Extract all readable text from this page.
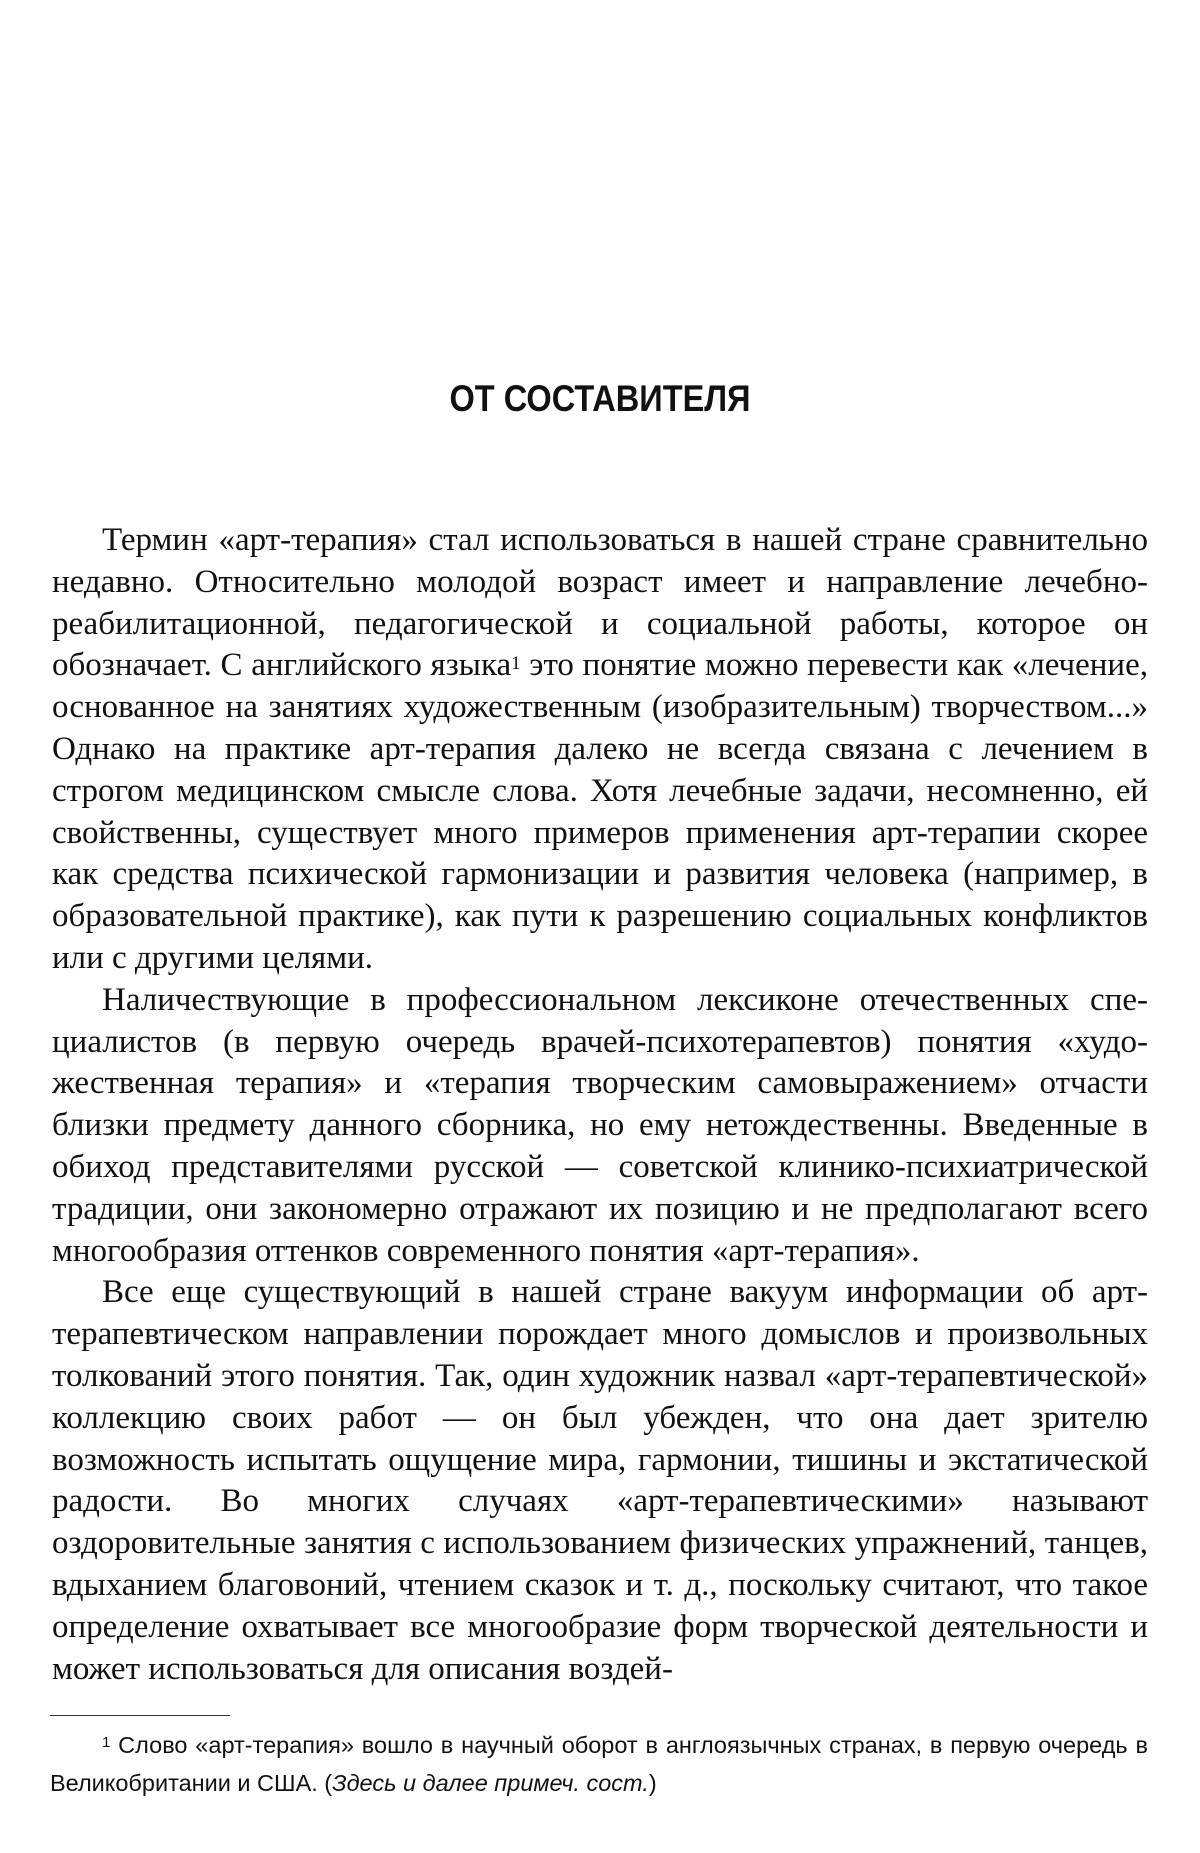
ОТ СОСТАВИТЕЛЯ

Термин «арт-терапия» стал использоваться в нашей стране сравнительно недавно. Относительно молодой возраст имеет и направление лечебно-реабилитационной, педагогической и социальной работы, которое он обозначает. С английского языка$^1$ это понятие можно перевести как «лечение, основанное на занятиях художественным (изобразительным) творчеством...» Однако на практике арт-терапия далеко не всегда связана с лечением в строгом медицинском смысле слова. Хотя лечебные задачи, несомненно, ей свойственны, существует много примеров применения арт-терапии скорее как средства психической гармонизации и развития человека (например, в образовательной практике), как пути к разрешению социальных конфликтов или с другими целями.

Наличествующие в профессиональном лексиконе отечественных специалистов (в первую очередь врачей-психотерапевтов) понятия «художественная терапия» и «терапия творческим самовыражением» отчасти близки предмету данного сборника, но ему нетождественны. Введенные в обиход представителями русской — советской клинико-психиатрической традиции, они закономерно отражают их позицию и не предполагают всего многообразия оттенков современного понятия «арт-терапия».

Все еще существующий в нашей стране вакуум информации об арттерапевтическом направлении порождает много домыслов и произвольных толкований этого понятия. Так, один художник назвал «арт-терапевтической» коллекцию своих работ — он был убежден, что она дает зрителю возможность испытать ощущение мира, гармонии, тишины и экстатической радости. Во многих случаях «арт-терапевтическими» называют оздоровительные занятия с использованием физических упражнений, танцев, вдыханием благовоний, чтением сказок и т. д., поскольку считают, что такое определение охватывает все многообразие форм творческой деятельности и может использоваться для описания воздей-

$^1$ Слово «арт-терапия» вошло в научный оборот в англоязычных странах, в первую очередь в Великобритании и США. (Здесь и далее примеч. сост.)
